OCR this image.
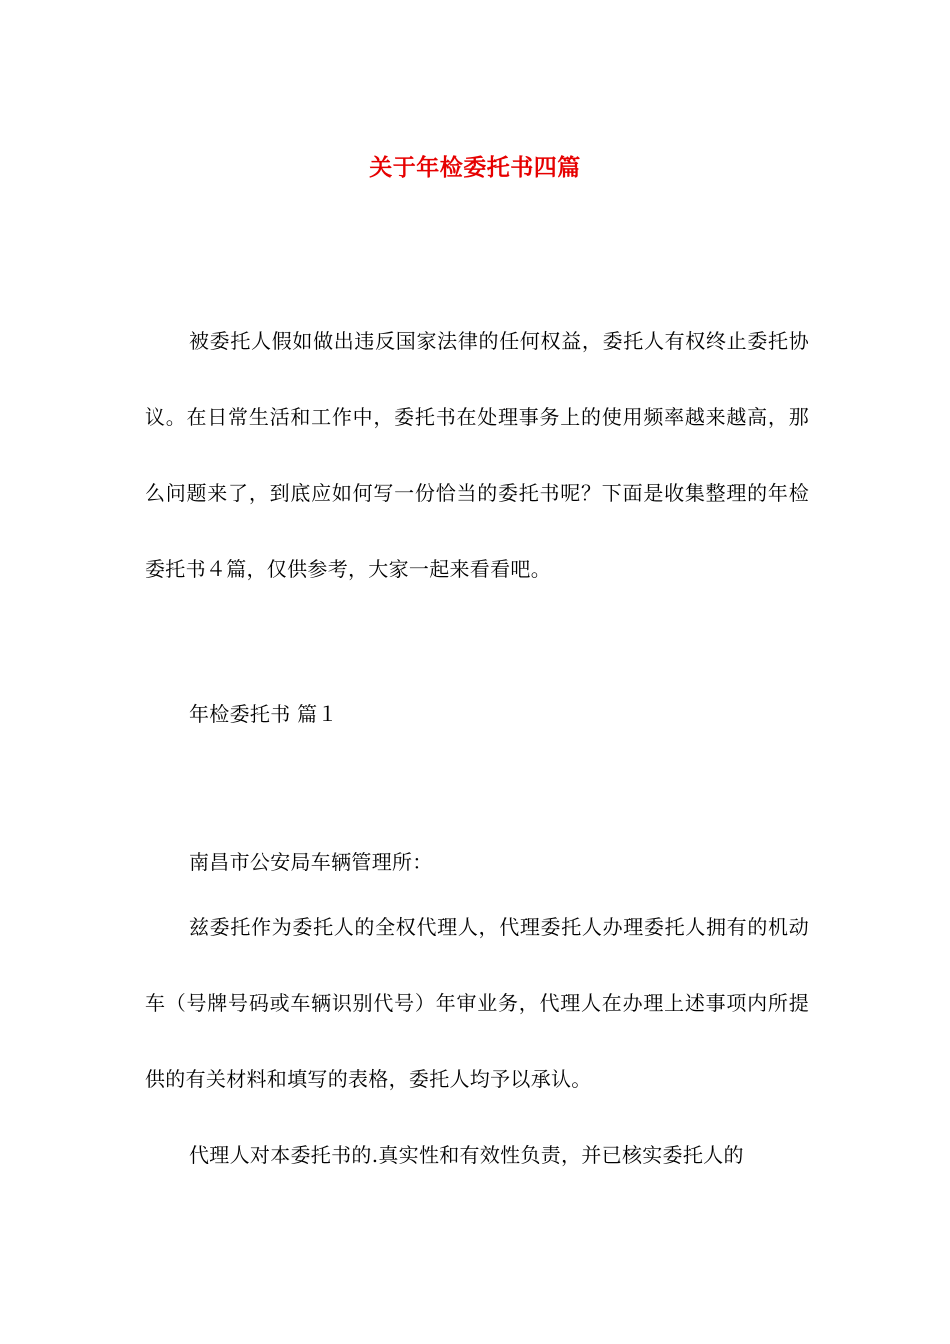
关于年检委托书四篇

被委托人假如做出违反国家法律的任何权益，委托人有权终止委托协议。在日常生活和工作中，委托书在处理事务上的使用频率越来越高，那么问题来了，到底应如何写一份恰当的委托书呢？下面是收集整理的年检委托书４篇，仅供参考，大家一起来看看吧。

年检委托书 篇１

南昌市公安局车辆管理所：

兹委托作为委托人的全权代理人，代理委托人办理委托人拥有的机动车（号牌号码或车辆识别代号）年审业务，代理人在办理上述事项内所提供的有关材料和填写的表格，委托人均予以承认。

代理人对本委托书的.真实性和有效性负责，并已核实委托人的
